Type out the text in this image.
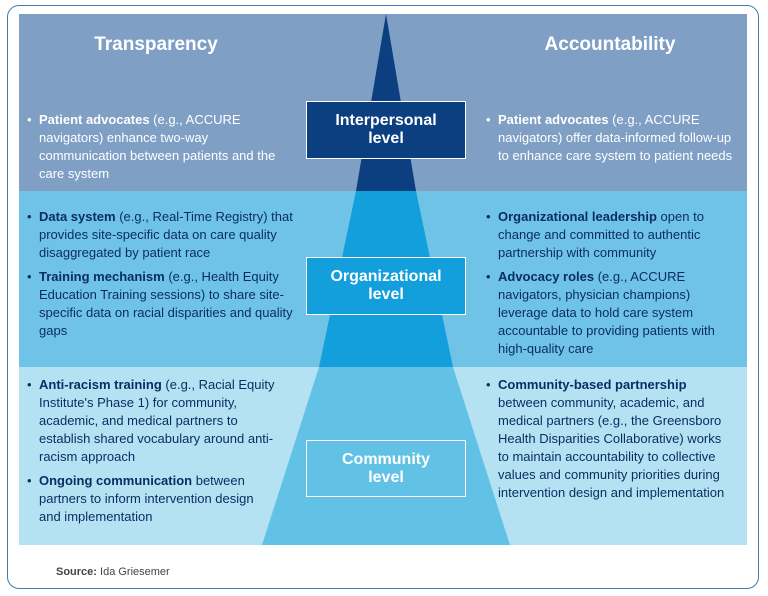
Transparency	Accountability
• Patient advocates (e.g., ACCURE navigators) enhance two-way communication between patients and the care system
• Patient advocates (e.g., ACCURE navigators) offer data-informed follow-up to enhance care system to patient needs
Interpersonal
level
• Data system (e.g., Real-Time Registry) that provides site-specific data on care quality disaggregated by patient race
• Training mechanism (e.g., Health Equity Education Training sessions) to share site-specific data on racial disparities and quality gaps
• Organizational leadership open to change and committed to authentic partnership with community
• Advocacy roles (e.g., ACCURE navigators, physician champions) leverage data to hold care system accountable to providing patients with high-quality care
Organizational
level
• Anti-racism training (e.g., Racial Equity Institute's Phase 1) for community, academic, and medical partners to establish shared vocabulary around anti-racism approach
• Ongoing communication between partners to inform intervention design and implementation
• Community-based partnership between community, academic, and medical partners (e.g., the Greensboro Health Disparities Collaborative) works to maintain accountability to collective values and community priorities during intervention design and implementation
Community
level
Source: Ida Griesemer
